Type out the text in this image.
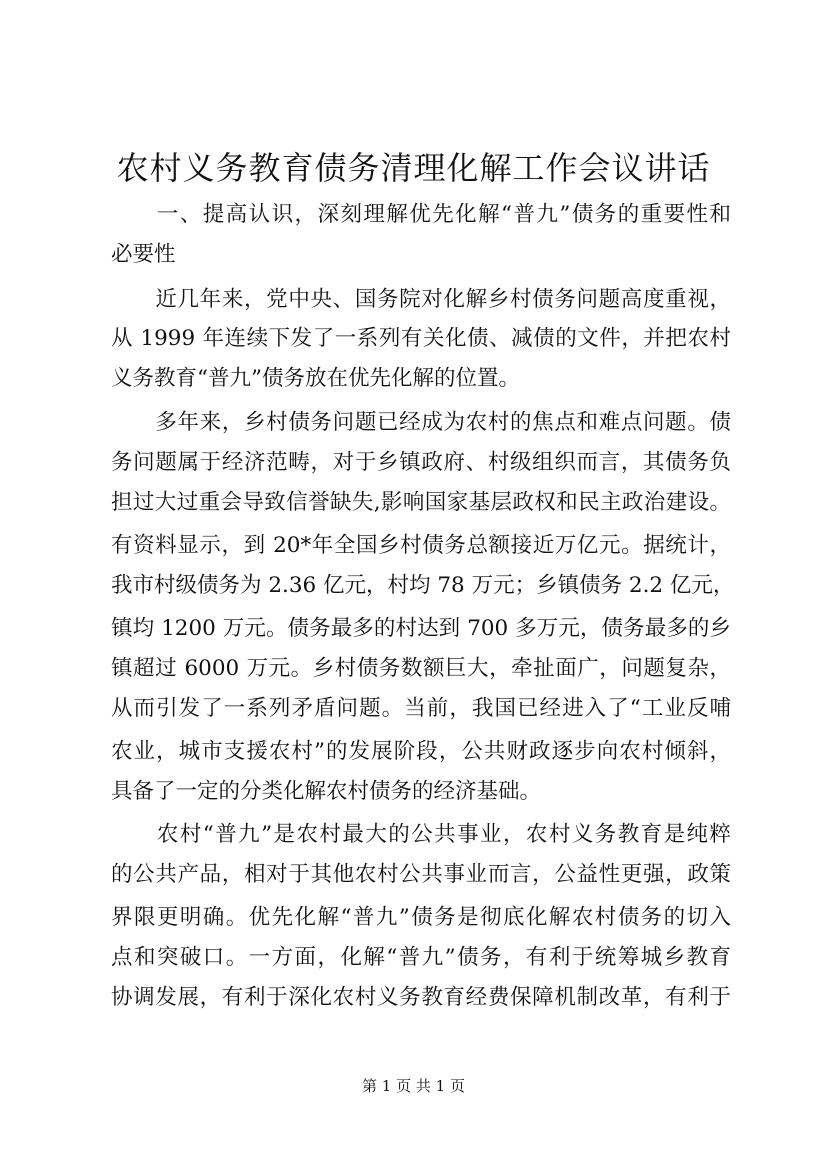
农村义务教育债务清理化解工作会议讲话
　　一、提高认识，深刻理解优先化解“普九”债务的重要性和
必要性
　　近几年来，党中央、国务院对化解乡村债务问题高度重视，
从 1999 年连续下发了一系列有关化债、减债的文件，并把农村
义务教育“普九”债务放在优先化解的位置。
　　多年来，乡村债务问题已经成为农村的焦点和难点问题。债
务问题属于经济范畴，对于乡镇政府、村级组织而言，其债务负
担过大过重会导致信誉缺失,影响国家基层政权和民主政治建设。
有资料显示，到 20*年全国乡村债务总额接近万亿元。据统计，
我市村级债务为 2.36 亿元，村均 78 万元；乡镇债务 2.2 亿元，
镇均 1200 万元。债务最多的村达到 700 多万元，债务最多的乡
镇超过 6000 万元。乡村债务数额巨大，牵扯面广，问题复杂，
从而引发了一系列矛盾问题。当前，我国已经进入了“工业反哺
农业，城市支援农村”的发展阶段，公共财政逐步向农村倾斜，
具备了一定的分类化解农村债务的经济基础。
　　农村“普九”是农村最大的公共事业，农村义务教育是纯粹
的公共产品，相对于其他农村公共事业而言，公益性更强，政策
界限更明确。优先化解“普九”债务是彻底化解农村债务的切入
点和突破口。一方面，化解“普九”债务，有利于统筹城乡教育
协调发展，有利于深化农村义务教育经费保障机制改革，有利于
第 1 页 共 1 页
